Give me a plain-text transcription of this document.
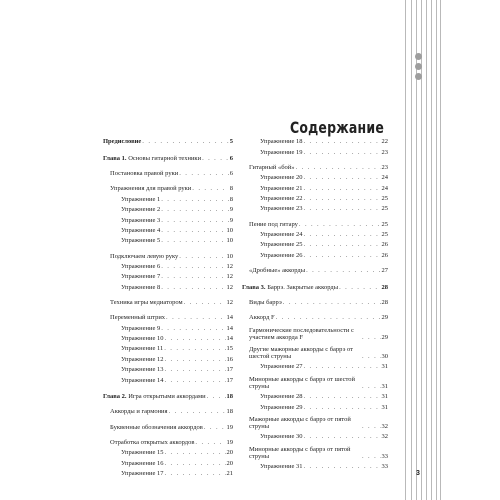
Содержание
Предисловие . . .	5
Глава 1. Основы гитарной техники . . .	6
Постановка правой руки . . .	6
Упражнения для правой руки . . .	8
Упражнение 1 . . .	8
Упражнение 2 . . .	9
Упражнение 3 . . .	9
Упражнение 4 . . .	10
Упражнение 5 . . .	10
Подключаем левую руку . . .	10
Упражнение 6 . . .	12
Упражнение 7 . . .	12
Упражнение 8 . . .	12
Техника игры медиатором . . .	12
Переменный штрих . . .	14
Упражнение 9 . . .	14
Упражнение 10 . . .	14
Упражнение 11 . . .	15
Упражнение 12 . . .	16
Упражнение 13 . . .	17
Упражнение 14 . . .	17
Глава 2. Игра открытыми аккордами . . .	18
Аккорды и гармония . . .	18
Буквенные обозначения аккордов . . .	19
Отработка открытых аккордов . . .	19
Упражнение 15 . . .	20
Упражнение 16 . . .	20
Упражнение 17 . . .	21
Упражнение 18 . . .	22
Упражнение 19 . . .	23
Гитарный «бой» . . .	23
Упражнение 20 . . .	24
Упражнение 21 . . .	24
Упражнение 22 . . .	25
Упражнение 23 . . .	25
Пение под гитару . . .	25
Упражнение 24 . . .	25
Упражнение 25 . . .	26
Упражнение 26 . . .	26
«Дробные» аккорды . . .	27
Глава 3. Баррэ. Закрытые аккорды . . .	28
Виды баррэ . . .	28
Аккорд F . . .	29
Гармонические последовательности с участием аккорда F . . .	29
Другие мажорные аккорды с баррэ от шестой струны . . .	30
Упражнение 27 . . .	31
Минорные аккорды с баррэ от шестой струны . . .	31
Упражнение 28 . . .	31
Упражнение 29 . . .	31
Мажорные аккорды с баррэ от пятой струны . . .	32
Упражнение 30 . . .	32
Минорные аккорды с баррэ от пятой струны . . .	33
Упражнение 31 . . .	33
3
